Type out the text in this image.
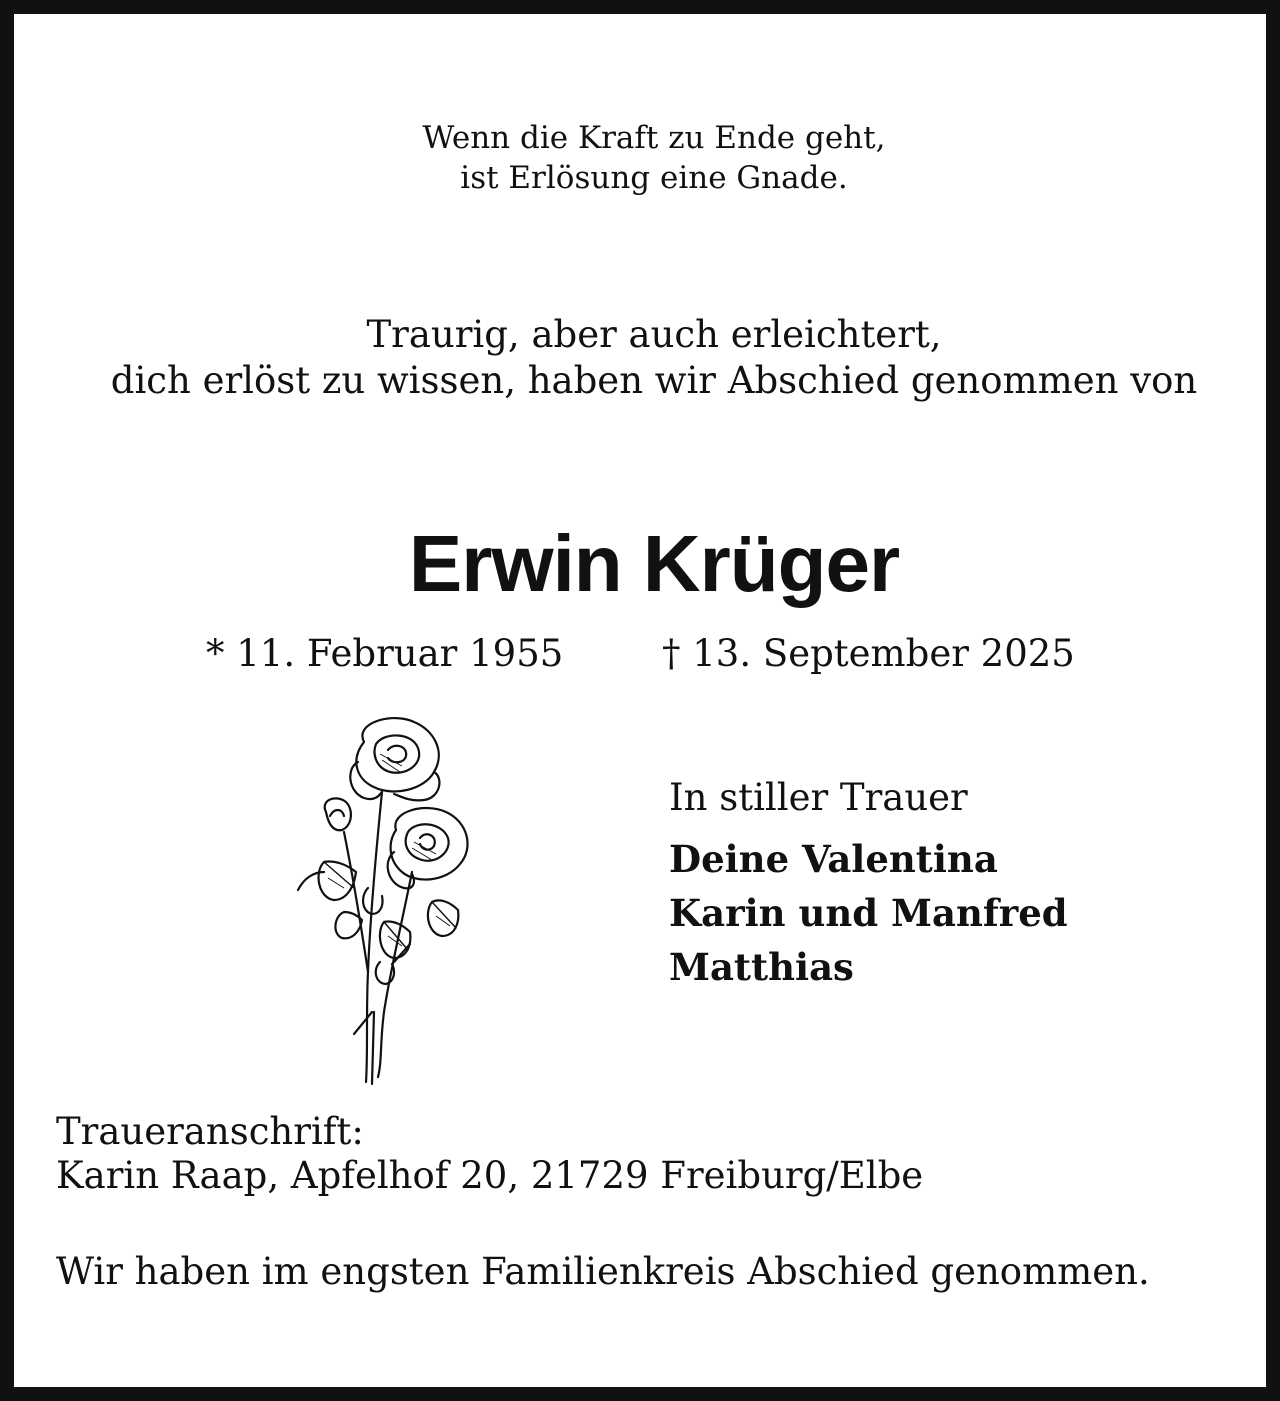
Wenn die Kraft zu Ende geht,
ist Erlösung eine Gnade.
Traurig, aber auch erleichtert,
dich erlöst zu wissen, haben wir Abschied genommen von
Erwin Krüger
* 11. Februar 1955	† 13. September 2025
In stiller Trauer
Deine Valentina
Karin und Manfred
Matthias
Traueranschrift:
Karin Raap, Apfelhof 20, 21729 Freiburg/Elbe
Wir haben im engsten Familienkreis Abschied genommen.
